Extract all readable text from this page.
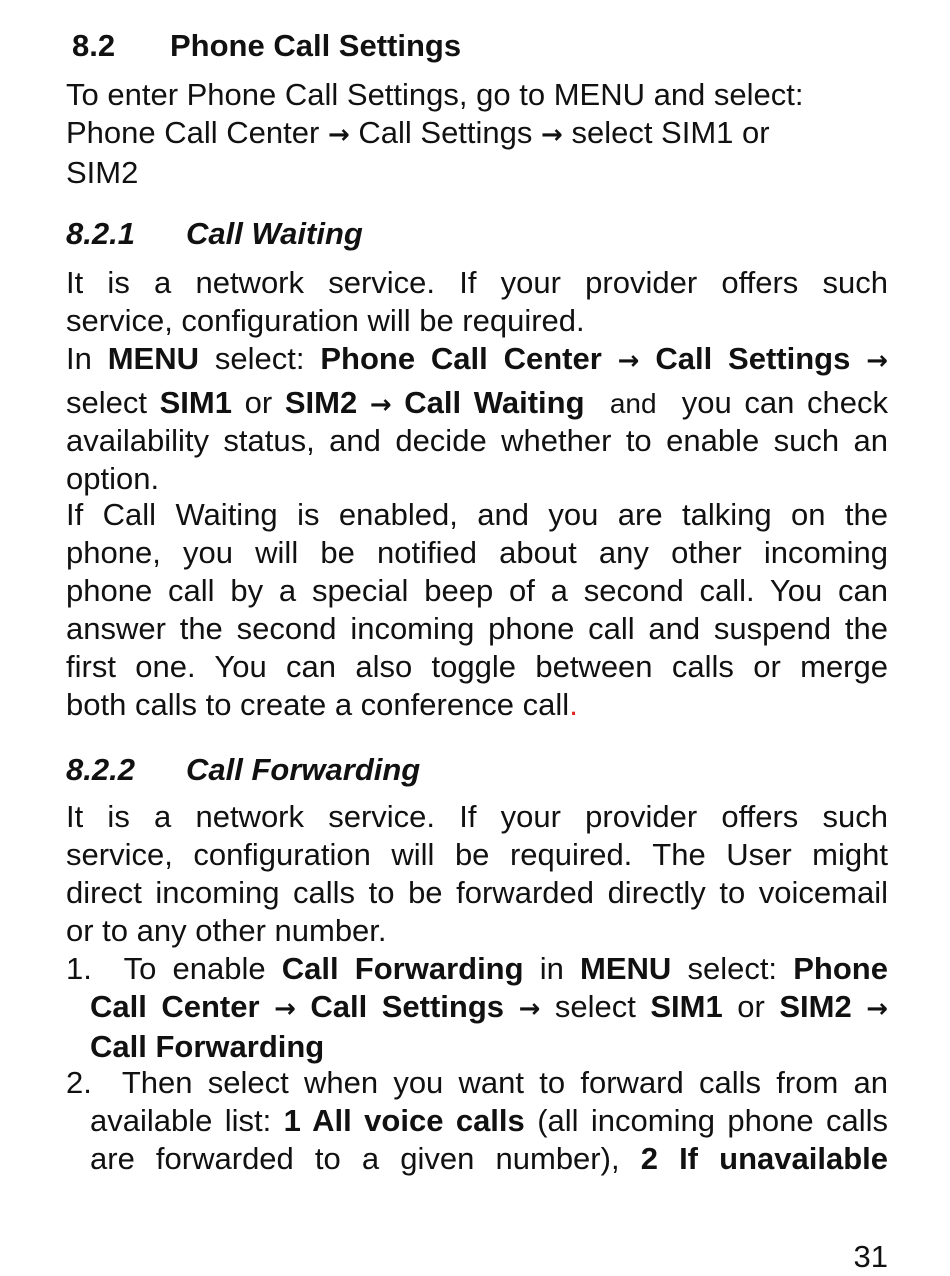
8.2 Phone Call Settings
To enter Phone Call Settings, go to MENU and select:
Phone Call Center → Call Settings → select SIM1 or
SIM2
8.2.1 Call Waiting
It is a network service. If your provider offers such
service, configuration will be required.
In MENU select: Phone Call Center → Call Settings →
select SIM1 or SIM2 → Call Waiting and you can check
availability status, and decide whether to enable such an
option.
If Call Waiting is enabled, and you are talking on the
phone, you will be notified about any other incoming
phone call by a special beep of a second call. You can
answer the second incoming phone call and suspend the
first one. You can also toggle between calls or merge
both calls to create a conference call.
8.2.2 Call Forwarding
It is a network service. If your provider offers such
service, configuration will be required. The User might
direct incoming calls to be forwarded directly to voicemail
or to any other number.
1. To enable Call Forwarding in MENU select: Phone
Call Center → Call Settings → select SIM1 or SIM2 →
Call Forwarding
2. Then select when you want to forward calls from an
available list: 1 All voice calls (all incoming phone calls
are forwarded to a given number), 2 If unavailable
31
